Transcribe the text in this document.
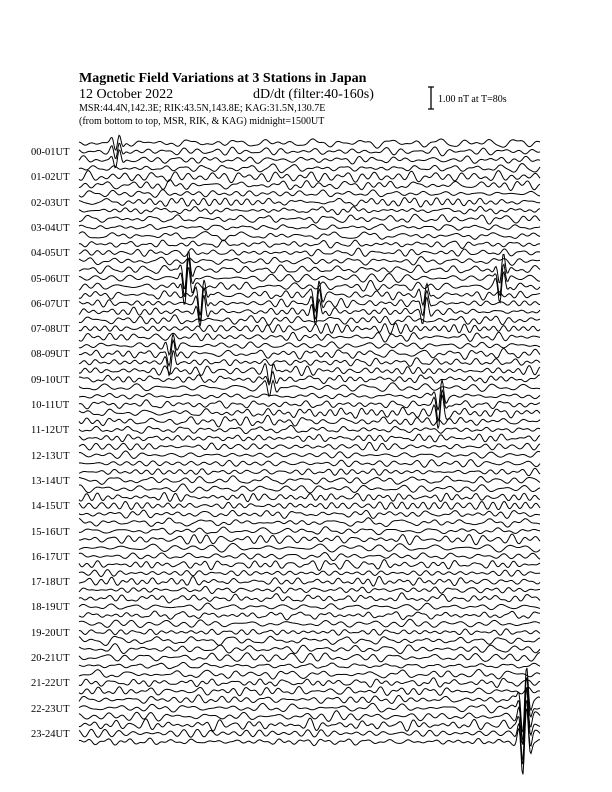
Magnetic Field Variations at 3 Stations in Japan
12 October 2022	dD/dt (filter:40-160s)
MSR:44.4N,142.3E; RIK:43.5N,143.8E; KAG:31.5N,130.7E
(from bottom to top, MSR, RIK, & KAG) midnight=1500UT
1.00 nT at T=80s
00-01UT
01-02UT
02-03UT
03-04UT
04-05UT
05-06UT
06-07UT
07-08UT
08-09UT
09-10UT
10-11UT
11-12UT
12-13UT
13-14UT
14-15UT
15-16UT
16-17UT
17-18UT
18-19UT
19-20UT
20-21UT
21-22UT
22-23UT
23-24UT
